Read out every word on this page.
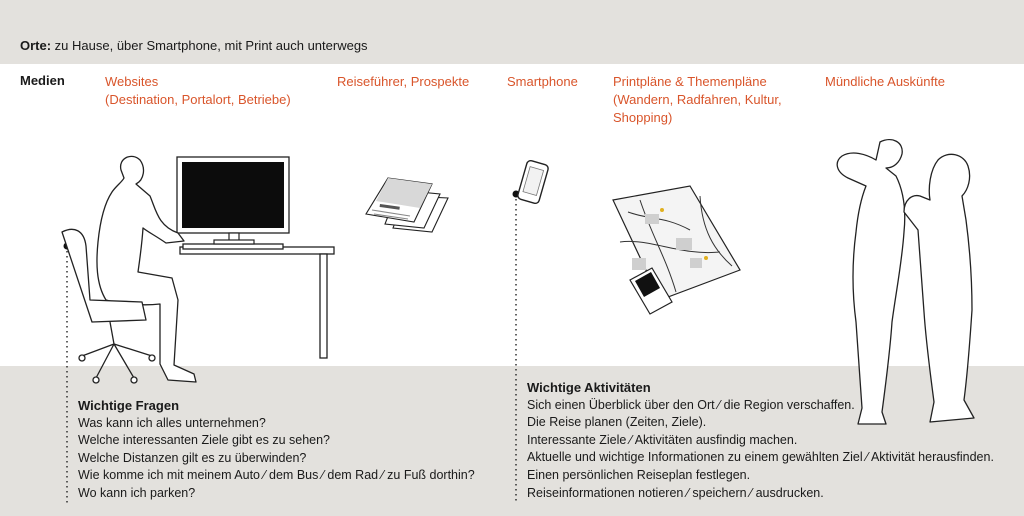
Orte: zu Hause, über Smartphone, mit Print auch unterwegs
Medien	Websites
(Destination, Portalort, Betriebe)
Reiseführer, Prospekte	Smartphone	Printpläne & Themenpläne
(Wandern, Radfahren, Kultur,
Shopping)
Mündliche Auskünfte
Wichtige Fragen
Was kann ich alles unternehmen?
Welche interessanten Ziele gibt es zu sehen?
Welche Distanzen gilt es zu überwinden?
Wie komme ich mit meinem Auto ⁄ dem Bus ⁄ dem Rad ⁄ zu Fuß dorthin?
Wo kann ich parken?
Wichtige Aktivitäten
Sich einen Überblick über den Ort ⁄ die Region verschaffen.
Die Reise planen (Zeiten, Ziele).
Interessante Ziele ⁄ Aktivitäten ausfindig machen.
Aktuelle und wichtige Informationen zu einem gewählten Ziel ⁄ Aktivität herausfinden.
Einen persönlichen Reiseplan festlegen.
Reiseinformationen notieren ⁄ speichern ⁄ ausdrucken.
